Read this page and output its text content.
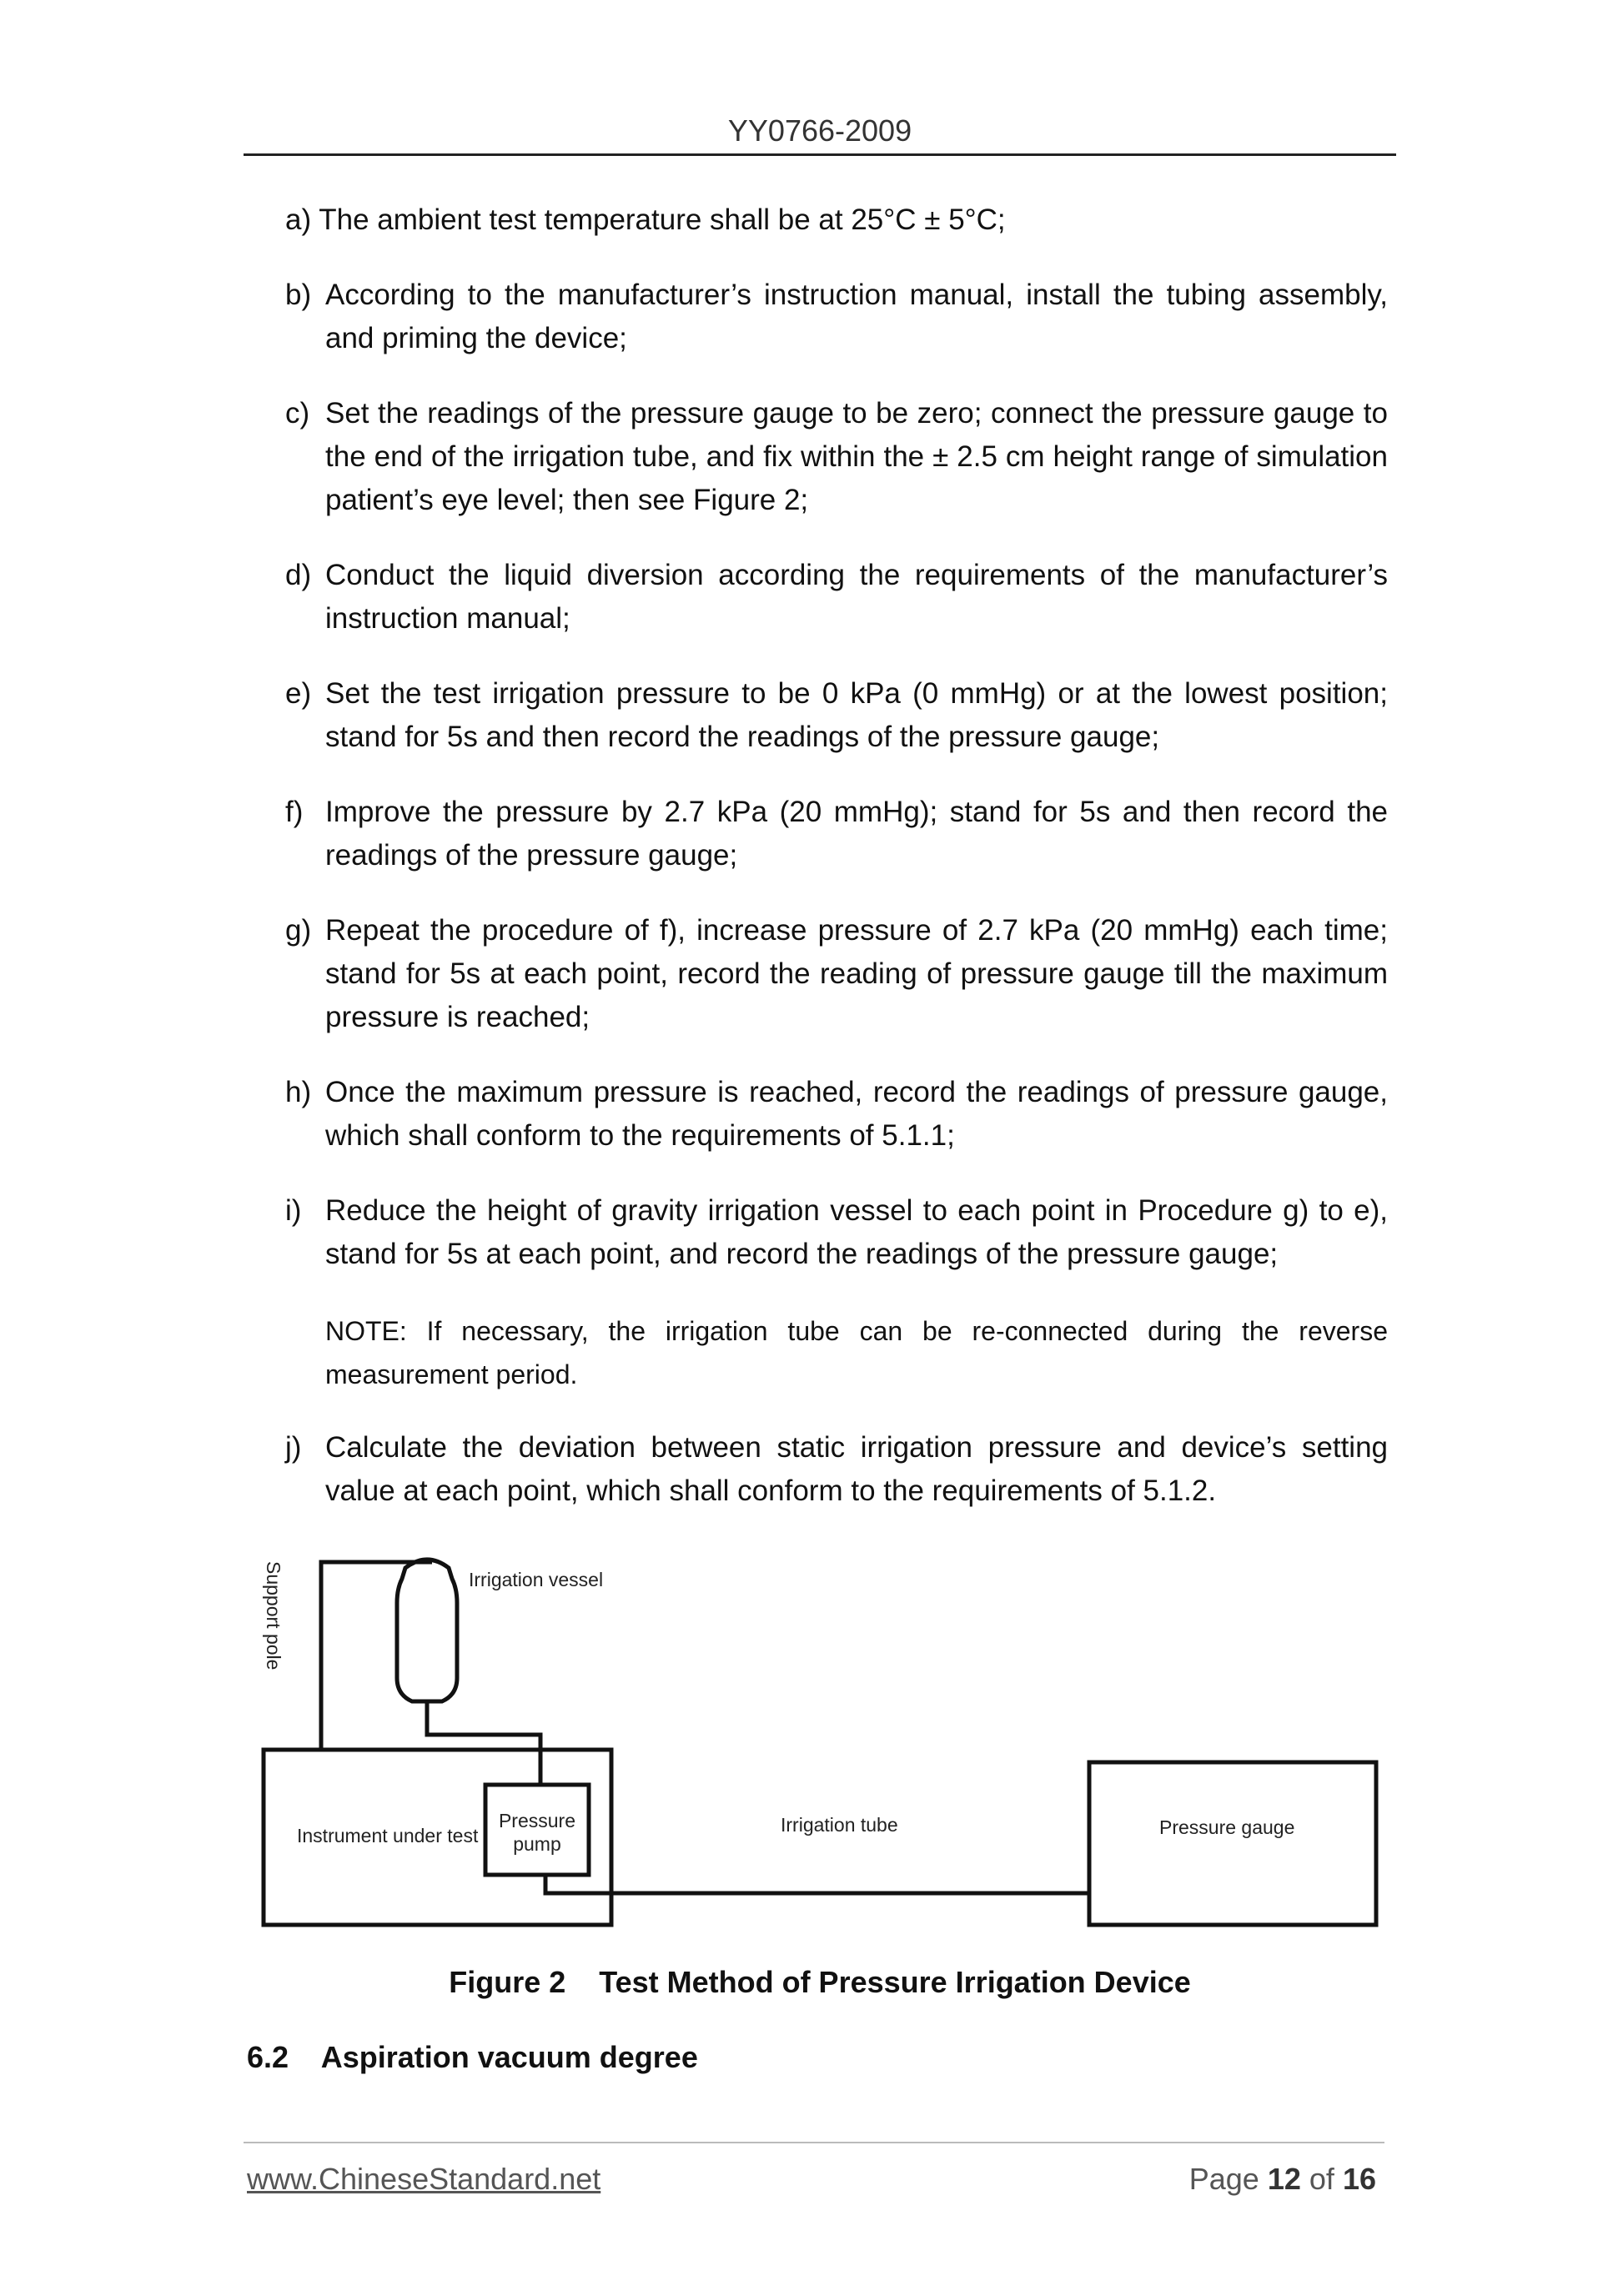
YY0766-2009
a) The ambient test temperature shall be at 25°C ± 5°C;
b) According to the manufacturer’s instruction manual, install the tubing assembly, and priming the device;
c) Set the readings of the pressure gauge to be zero; connect the pressure gauge to the end of the irrigation tube, and fix within the ± 2.5 cm height range of simulation patient’s eye level; then see Figure 2;
d) Conduct the liquid diversion according the requirements of the manufacturer’s instruction manual;
e) Set the test irrigation pressure to be 0 kPa (0 mmHg) or at the lowest position; stand for 5s and then record the readings of the pressure gauge;
f) Improve the pressure by 2.7 kPa (20 mmHg); stand for 5s and then record the readings of the pressure gauge;
g) Repeat the procedure of f), increase pressure of 2.7 kPa (20 mmHg) each time; stand for 5s at each point, record the reading of pressure gauge till the maximum pressure is reached;
h) Once the maximum pressure is reached, record the readings of pressure gauge, which shall conform to the requirements of 5.1.1;
i) Reduce the height of gravity irrigation vessel to each point in Procedure g) to e), stand for 5s at each point, and record the readings of the pressure gauge;
NOTE: If necessary, the irrigation tube can be re-connected during the reverse measurement period.
j) Calculate the deviation between static irrigation pressure and device’s setting value at each point, which shall conform to the requirements of 5.1.2.
Support pole	Irrigation vessel
Instrument under test
Pressure
pump
Irrigation tube	Pressure gauge
Figure 2    Test Method of Pressure Irrigation Device
6.2    Aspiration vacuum degree
www.ChineseStandard.net	Page 12 of 16
